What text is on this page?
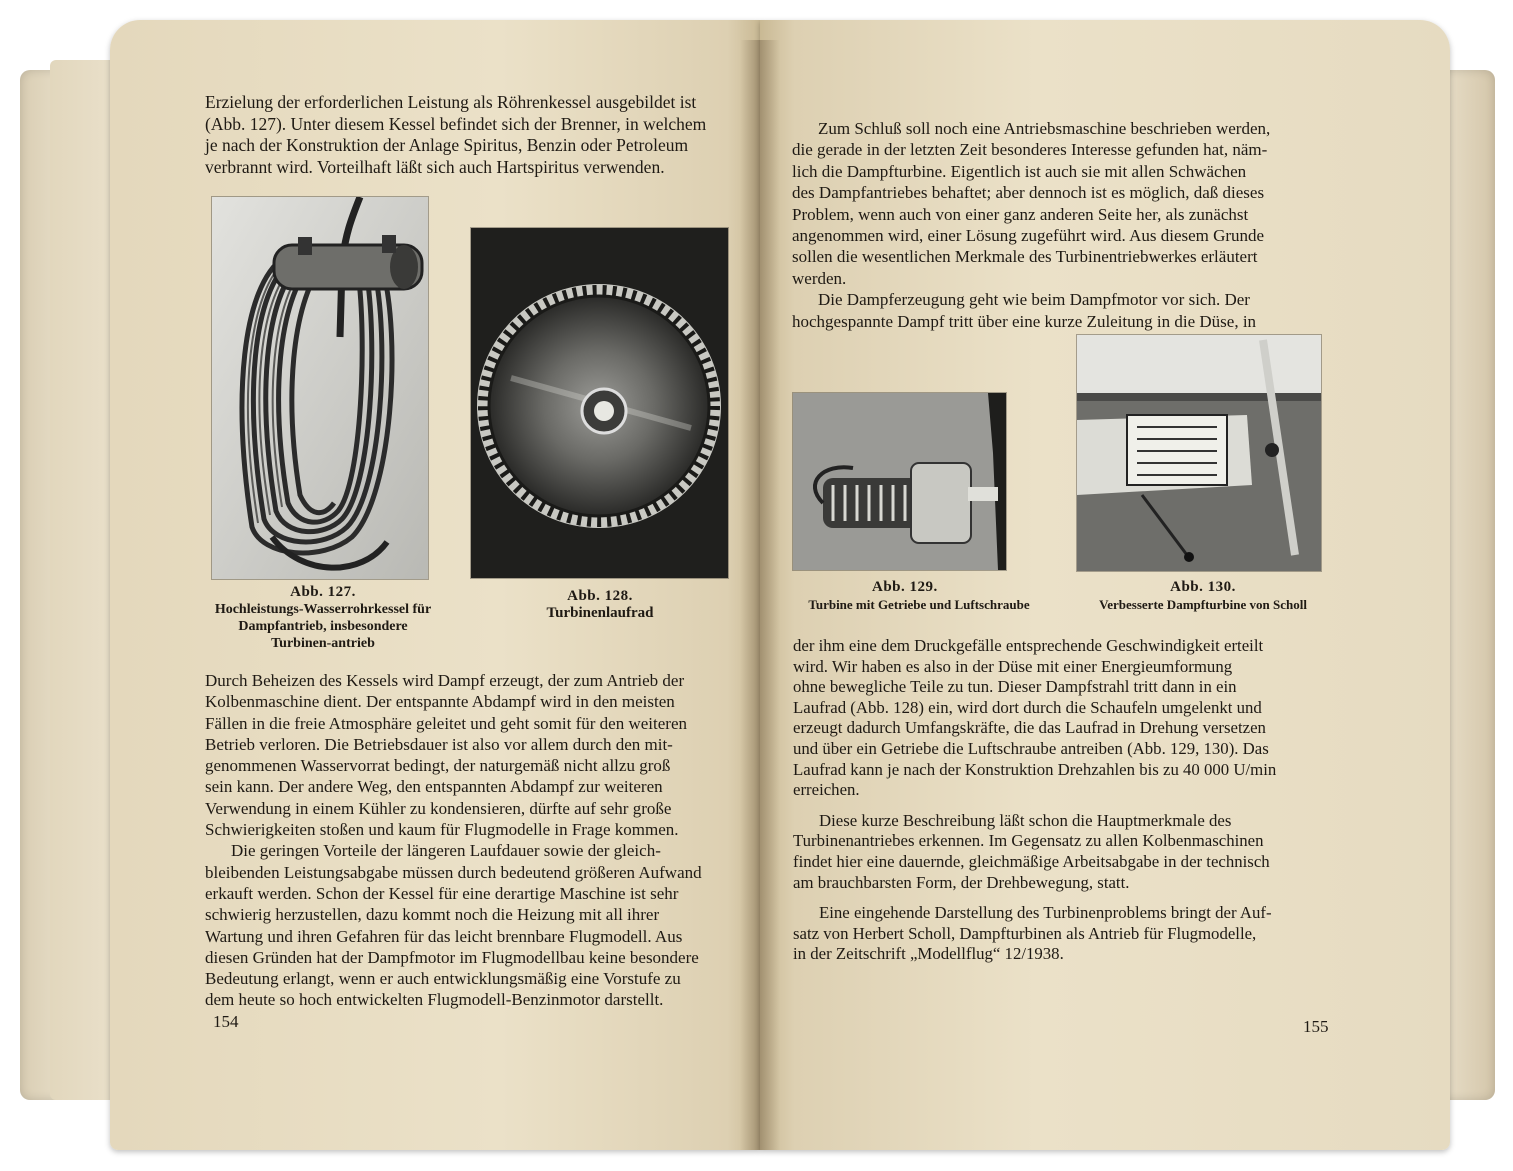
Erzielung der erforderlichen Leistung als Röhrenkessel ausgebildet ist

(Abb. 127). Unter diesem Kessel befindet sich der Brenner, in welchem

je nach der Konstruktion der Anlage Spiritus, Benzin oder Petroleum

verbrannt wird. Vorteilhaft läßt sich auch Hartspiritus verwenden.

Abb. 127.
Hochleistungs-Wasserrohrkessel für Dampfantrieb, insbesondere Turbinen-antrieb
Abb. 128.
Turbinenlaufrad

Durch Beheizen des Kessels wird Dampf erzeugt, der zum Antrieb der

Kolbenmaschine dient. Der entspannte Abdampf wird in den meisten

Fällen in die freie Atmosphäre geleitet und geht somit für den weiteren

Betrieb verloren. Die Betriebsdauer ist also vor allem durch den mit-

genommenen Wasservorrat bedingt, der naturgemäß nicht allzu groß

sein kann. Der andere Weg, den entspannten Abdampf zur weiteren

Verwendung in einem Kühler zu kondensieren, dürfte auf sehr große

Schwierigkeiten stoßen und kaum für Flugmodelle in Frage kommen.

Die geringen Vorteile der längeren Laufdauer sowie der gleich-

bleibenden Leistungsabgabe müssen durch bedeutend größeren Aufwand

erkauft werden. Schon der Kessel für eine derartige Maschine ist sehr

schwierig herzustellen, dazu kommt noch die Heizung mit all ihrer

Wartung und ihren Gefahren für das leicht brennbare Flugmodell. Aus

diesen Gründen hat der Dampfmotor im Flugmodellbau keine besondere

Bedeutung erlangt, wenn er auch entwicklungsmäßig eine Vorstufe zu

dem heute so hoch entwickelten Flugmodell-Benzinmotor darstellt.

154

Zum Schluß soll noch eine Antriebsmaschine beschrieben werden,

die gerade in der letzten Zeit besonderes Interesse gefunden hat, näm-

lich die Dampfturbine. Eigentlich ist auch sie mit allen Schwächen

des Dampfantriebes behaftet; aber dennoch ist es möglich, daß dieses

Problem, wenn auch von einer ganz anderen Seite her, als zunächst

angenommen wird, einer Lösung zugeführt wird. Aus diesem Grunde

sollen die wesentlichen Merkmale des Turbinentriebwerkes erläutert

werden.

Die Dampferzeugung geht wie beim Dampfmotor vor sich. Der

hochgespannte Dampf tritt über eine kurze Zuleitung in die Düse, in

Abb. 129.
Turbine mit Getriebe und Luftschraube
Abb. 130.
Verbesserte Dampfturbine von Scholl

der ihm eine dem Druckgefälle entsprechende Geschwindigkeit erteilt

wird. Wir haben es also in der Düse mit einer Energieumformung

ohne bewegliche Teile zu tun. Dieser Dampfstrahl tritt dann in ein

Laufrad (Abb. 128) ein, wird dort durch die Schaufeln umgelenkt und

erzeugt dadurch Umfangskräfte, die das Laufrad in Drehung versetzen

und über ein Getriebe die Luftschraube antreiben (Abb. 129, 130). Das

Laufrad kann je nach der Konstruktion Drehzahlen bis zu 40 000 U/min

erreichen.

Diese kurze Beschreibung läßt schon die Hauptmerkmale des

Turbinenantriebes erkennen. Im Gegensatz zu allen Kolbenmaschinen

findet hier eine dauernde, gleichmäßige Arbeitsabgabe in der technisch

am brauchbarsten Form, der Drehbewegung, statt.

Eine eingehende Darstellung des Turbinenproblems bringt der Auf-

satz von Herbert Scholl, Dampfturbinen als Antrieb für Flugmodelle,

in der Zeitschrift „Modellflug“ 12/1938.

155
